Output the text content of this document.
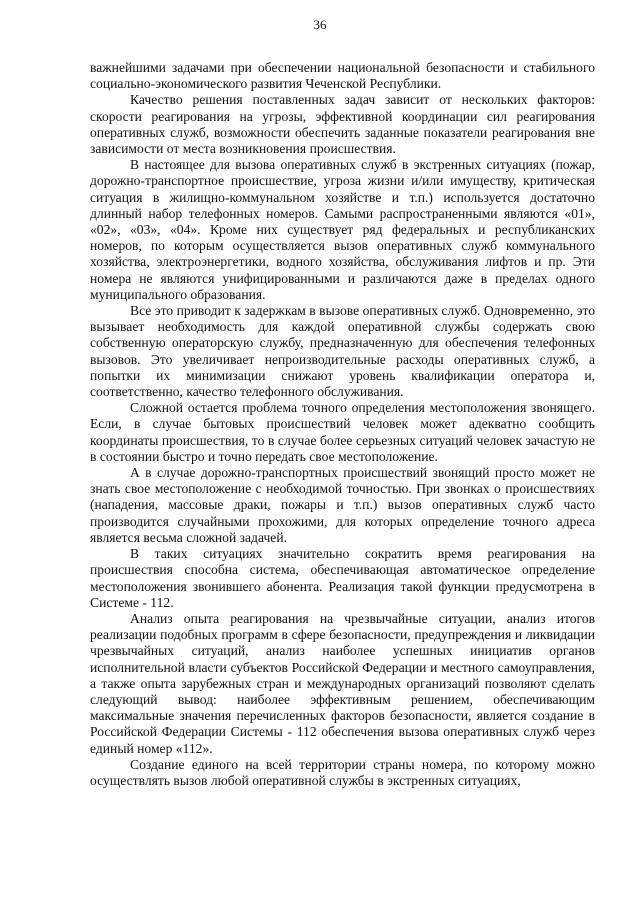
36

важнейшими задачами при обеспечении национальной безопасности и стабильного социально-экономического развития Чеченской Республики.

Качество решения поставленных задач зависит от нескольких факторов: скорости реагирования на угрозы, эффективной координации сил реагирования оперативных служб, возможности обеспечить заданные показатели реагирования вне зависимости от места возникновения происшествия.

В настоящее для вызова оперативных служб в экстренных ситуациях (пожар, дорожно-транспортное происшествие, угроза жизни и/или имуществу, критическая ситуация в жилищно-коммунальном хозяйстве и т.п.) используется достаточно длинный набор телефонных номеров. Самыми распространенными являются «01», «02», «03», «04». Кроме них существует ряд федеральных и республиканских номеров, по которым осуществляется вызов оперативных служб коммунального хозяйства, электроэнергетики, водного хозяйства, обслуживания лифтов и пр. Эти номера не являются унифицированными и различаются даже в пределах одного муниципального образования.

Все это приводит к задержкам в вызове оперативных служб. Одновременно, это вызывает необходимость для каждой оперативной службы содержать свою собственную операторскую службу, предназначенную для обеспечения телефонных вызовов. Это увеличивает непроизводительные расходы оперативных служб, а попытки их минимизации снижают уровень квалификации оператора и, соответственно, качество телефонного обслуживания.

Сложной остается проблема точного определения местоположения звонящего. Если, в случае бытовых происшествий человек может адекватно сообщить координаты происшествия, то в случае более серьезных ситуаций человек зачастую не в состоянии быстро и точно передать свое местоположение.

А в случае дорожно-транспортных происшествий звонящий просто может не знать свое местоположение с необходимой точностью. При звонках о происшествиях (нападения, массовые драки, пожары и т.п.) вызов оперативных служб часто производится случайными прохожими, для которых определение точного адреса является весьма сложной задачей.

В таких ситуациях значительно сократить время реагирования на происшествия способна система, обеспечивающая автоматическое определение местоположения звонившего абонента. Реализация такой функции предусмотрена в Системе - 112.

Анализ опыта реагирования на чрезвычайные ситуации, анализ итогов реализации подобных программ в сфере безопасности, предупреждения и ликвидации чрезвычайных ситуаций, анализ наиболее успешных инициатив органов исполнительной власти субъектов Российской Федерации и местного самоуправления, а также опыта зарубежных стран и международных организаций позволяют сделать следующий вывод: наиболее эффективным решением, обеспечивающим максимальные значения перечисленных факторов безопасности, является создание в Российской Федерации Системы - 112 обеспечения вызова оперативных служб через единый номер «112».

Создание единого на всей территории страны номера, по которому можно осуществлять вызов любой оперативной службы в экстренных ситуациях,
